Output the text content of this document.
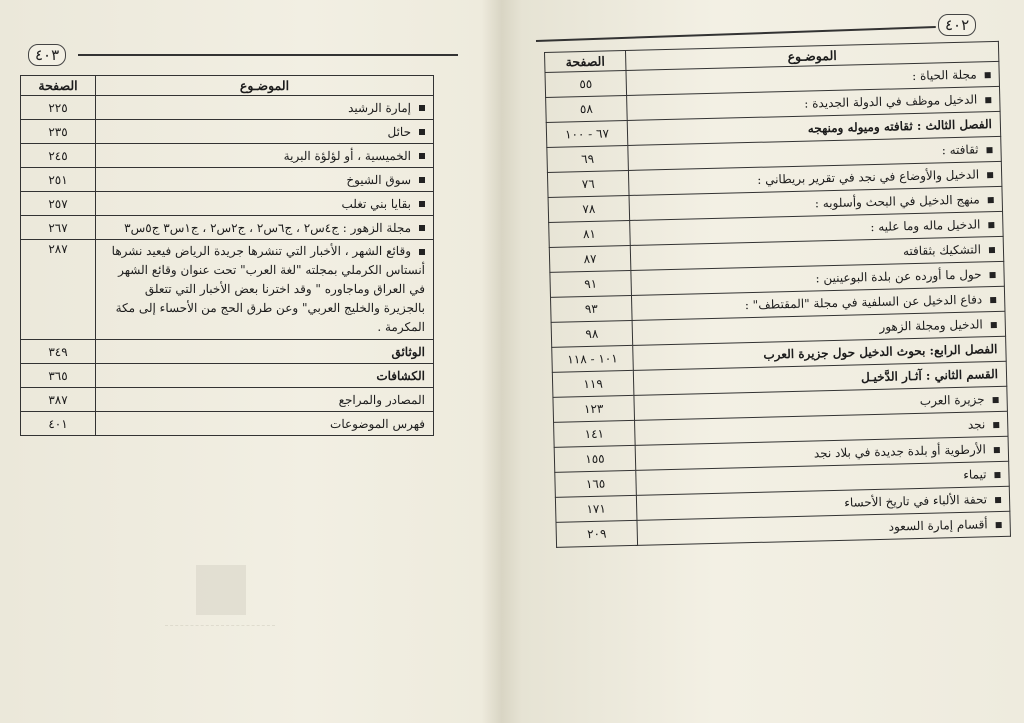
٤٠٣
الموضـوع	الصفحة
إمارة الرشيد	٢٢٥
حائل	٢٣٥
الخميسية ، أو لؤلؤة البرية	٢٤٥
سوق الشيوخ	٢٥١
بقايا بني تغلب	٢٥٧
مجلة الزهور : ج٤س٢ ، ج٦س٢ ، ج٢س٢ ، ج١س٣ ج٥س٣	٢٦٧
وقائع الشهر ، الأخبار التي تنشرها جريدة الرياض فيعيد نشرها أنستاس الكرملي بمجلته "لغة العرب" تحت عنوان وقائع الشهر في العراق وماجاوره " وقد اخترنا بعض الأخبار التي تتعلق بالجزيرة والخليج العربي" وعن طرق الحج من الأحساء إلى مكة المكرمة .	٢٨٧
الوثائق	٣٤٩
الكشافات	٣٦٥
المصادر والمراجع	٣٨٧
فهرس الموضوعات	٤٠١
٤٠٢
الموضـوع	الصفحة
مجلة الحياة :	٥٥
الدخيل موظف في الدولة الجديدة :	٥٨
الفصل الثالث : ثقافته وميوله ومنهجه	٦٧ - ١٠٠
ثقافته :	٦٩
الدخيل والأوضاع في نجد في تقرير بريطاني :	٧٦
منهج الدخيل في البحث وأسلوبه :	٧٨
الدخيل ماله وما عليه :	٨١
التشكيك بثقافته	٨٧
حول ما أورده عن بلدة البوعينين :	٩١
دفاع الدخيل عن السلفية في مجلة "المقتطف" :	٩٣
الدخيل ومجلة الزهور	٩٨
الفصل الرابع: بحوث الدخيل حول جزيرة العرب	١٠١ - ١١٨
القسم الثاني : آثـار الدَّخيـل	١١٩
جزيرة العرب	١٢٣
نجد	١٤١
الأرطوية أو بلدة جديدة في بلاد نجد	١٥٥
تيماء	١٦٥
تحفة الألباء في تاريخ الأحساء	١٧١
أقسام إمارة السعود	٢٠٩
